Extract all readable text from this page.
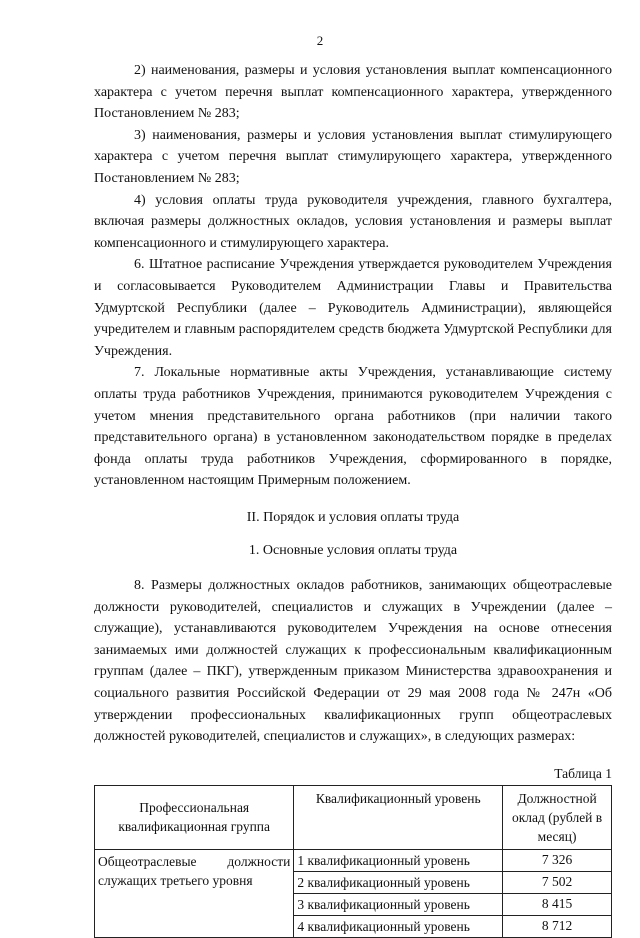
2

2) наименования, размеры и условия установления выплат компенсационного характера с учетом перечня выплат компенсационного характера, утвержденного Постановлением № 283;

3) наименования, размеры и условия установления выплат стимулирующего характера с учетом перечня выплат стимулирующего характера, утвержденного Постановлением № 283;

4) условия оплаты труда руководителя учреждения, главного бухгалтера, включая размеры должностных окладов, условия установления и размеры выплат компенсационного и стимулирующего характера.

6. Штатное расписание Учреждения утверждается руководителем Учреждения и согласовывается Руководителем Администрации Главы и Правительства Удмуртской Республики (далее – Руководитель Администрации), являющейся учредителем и главным распорядителем средств бюджета Удмуртской Республики для Учреждения.

7. Локальные нормативные акты Учреждения, устанавливающие систему оплаты труда работников Учреждения, принимаются руководителем Учреждения с учетом мнения представительного органа работников (при наличии такого представительного органа) в установленном законодательством порядке в пределах фонда оплаты труда работников Учреждения, сформированного в порядке, установленном настоящим Примерным положением.

II. Порядок и условия оплаты труда

1. Основные условия оплаты труда

8. Размеры должностных окладов работников, занимающих общеотраслевые должности руководителей, специалистов и служащих в Учреждении (далее – служащие), устанавливаются руководителем Учреждения на основе отнесения занимаемых ими должностей служащих к профессиональным квалификационным группам (далее – ПКГ), утвержденным приказом Министерства здравоохранения и социального развития Российской Федерации от 29 мая 2008 года № 247н «Об утверждении профессиональных квалификационных групп общеотраслевых должностей руководителей, специалистов и служащих», в следующих размерах:

Таблица 1
Профессиональная квалификационная группа	Квалификационный уровень	Должностной оклад (рублей в месяц)
Общеотраслевые должности служащих третьего уровня	1 квалификационный уровень	7 326
	2 квалификационный уровень	7 502
	3 квалификационный уровень	8 415
	4 квалификационный уровень	8 712
